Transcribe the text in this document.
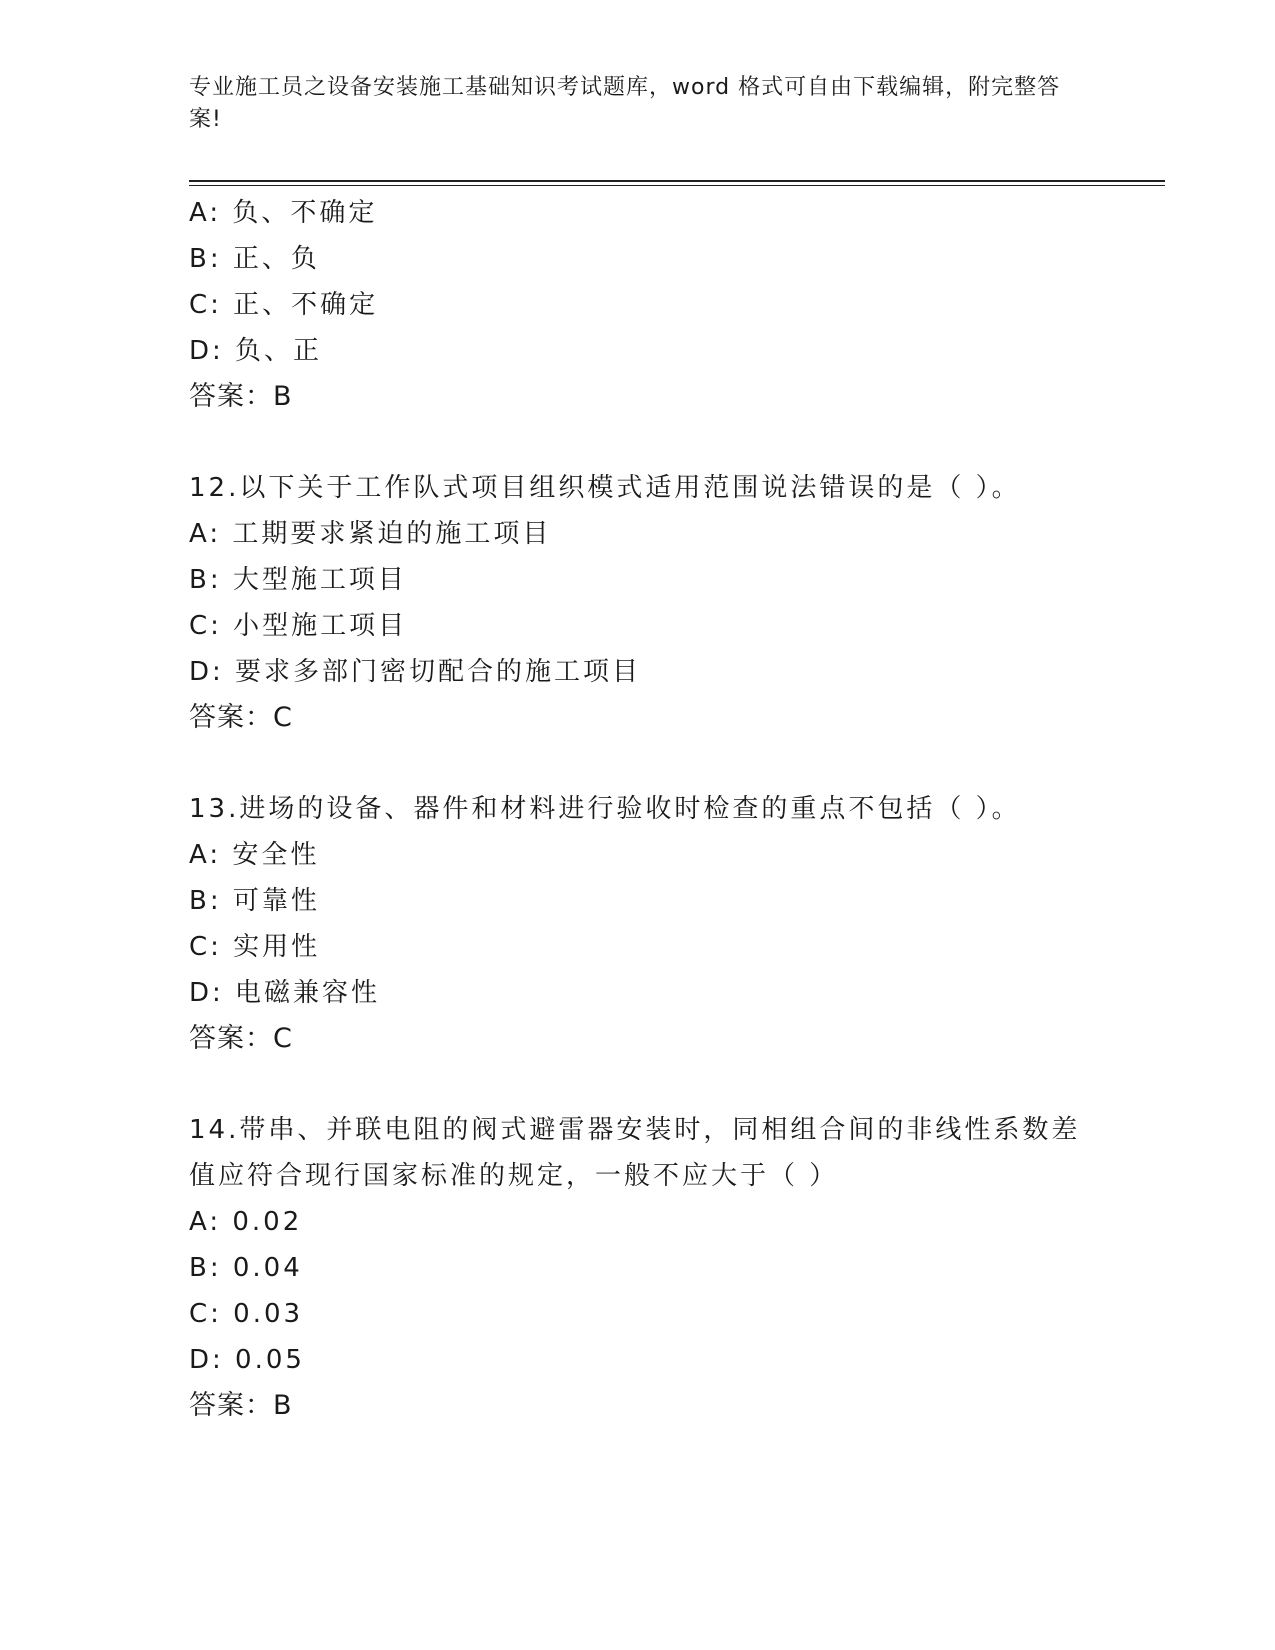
专业施工员之设备安装施工基础知识考试题库，word 格式可自由下载编辑，附完整答案!
A: 负、不确定
B: 正、负
C: 正、不确定
D: 负、正
答案：B
12.以下关于工作队式项目组织模式适用范围说法错误的是（ ）。
A: 工期要求紧迫的施工项目
B: 大型施工项目
C: 小型施工项目
D: 要求多部门密切配合的施工项目
答案：C
13.进场的设备、器件和材料进行验收时检查的重点不包括（ ）。
A: 安全性
B: 可靠性
C: 实用性
D: 电磁兼容性
答案：C
14.带串、并联电阻的阀式避雷器安装时，同相组合间的非线性系数差值应符合现行国家标准的规定，一般不应大于（ ）
A: 0.02
B: 0.04
C: 0.03
D: 0.05
答案：B
